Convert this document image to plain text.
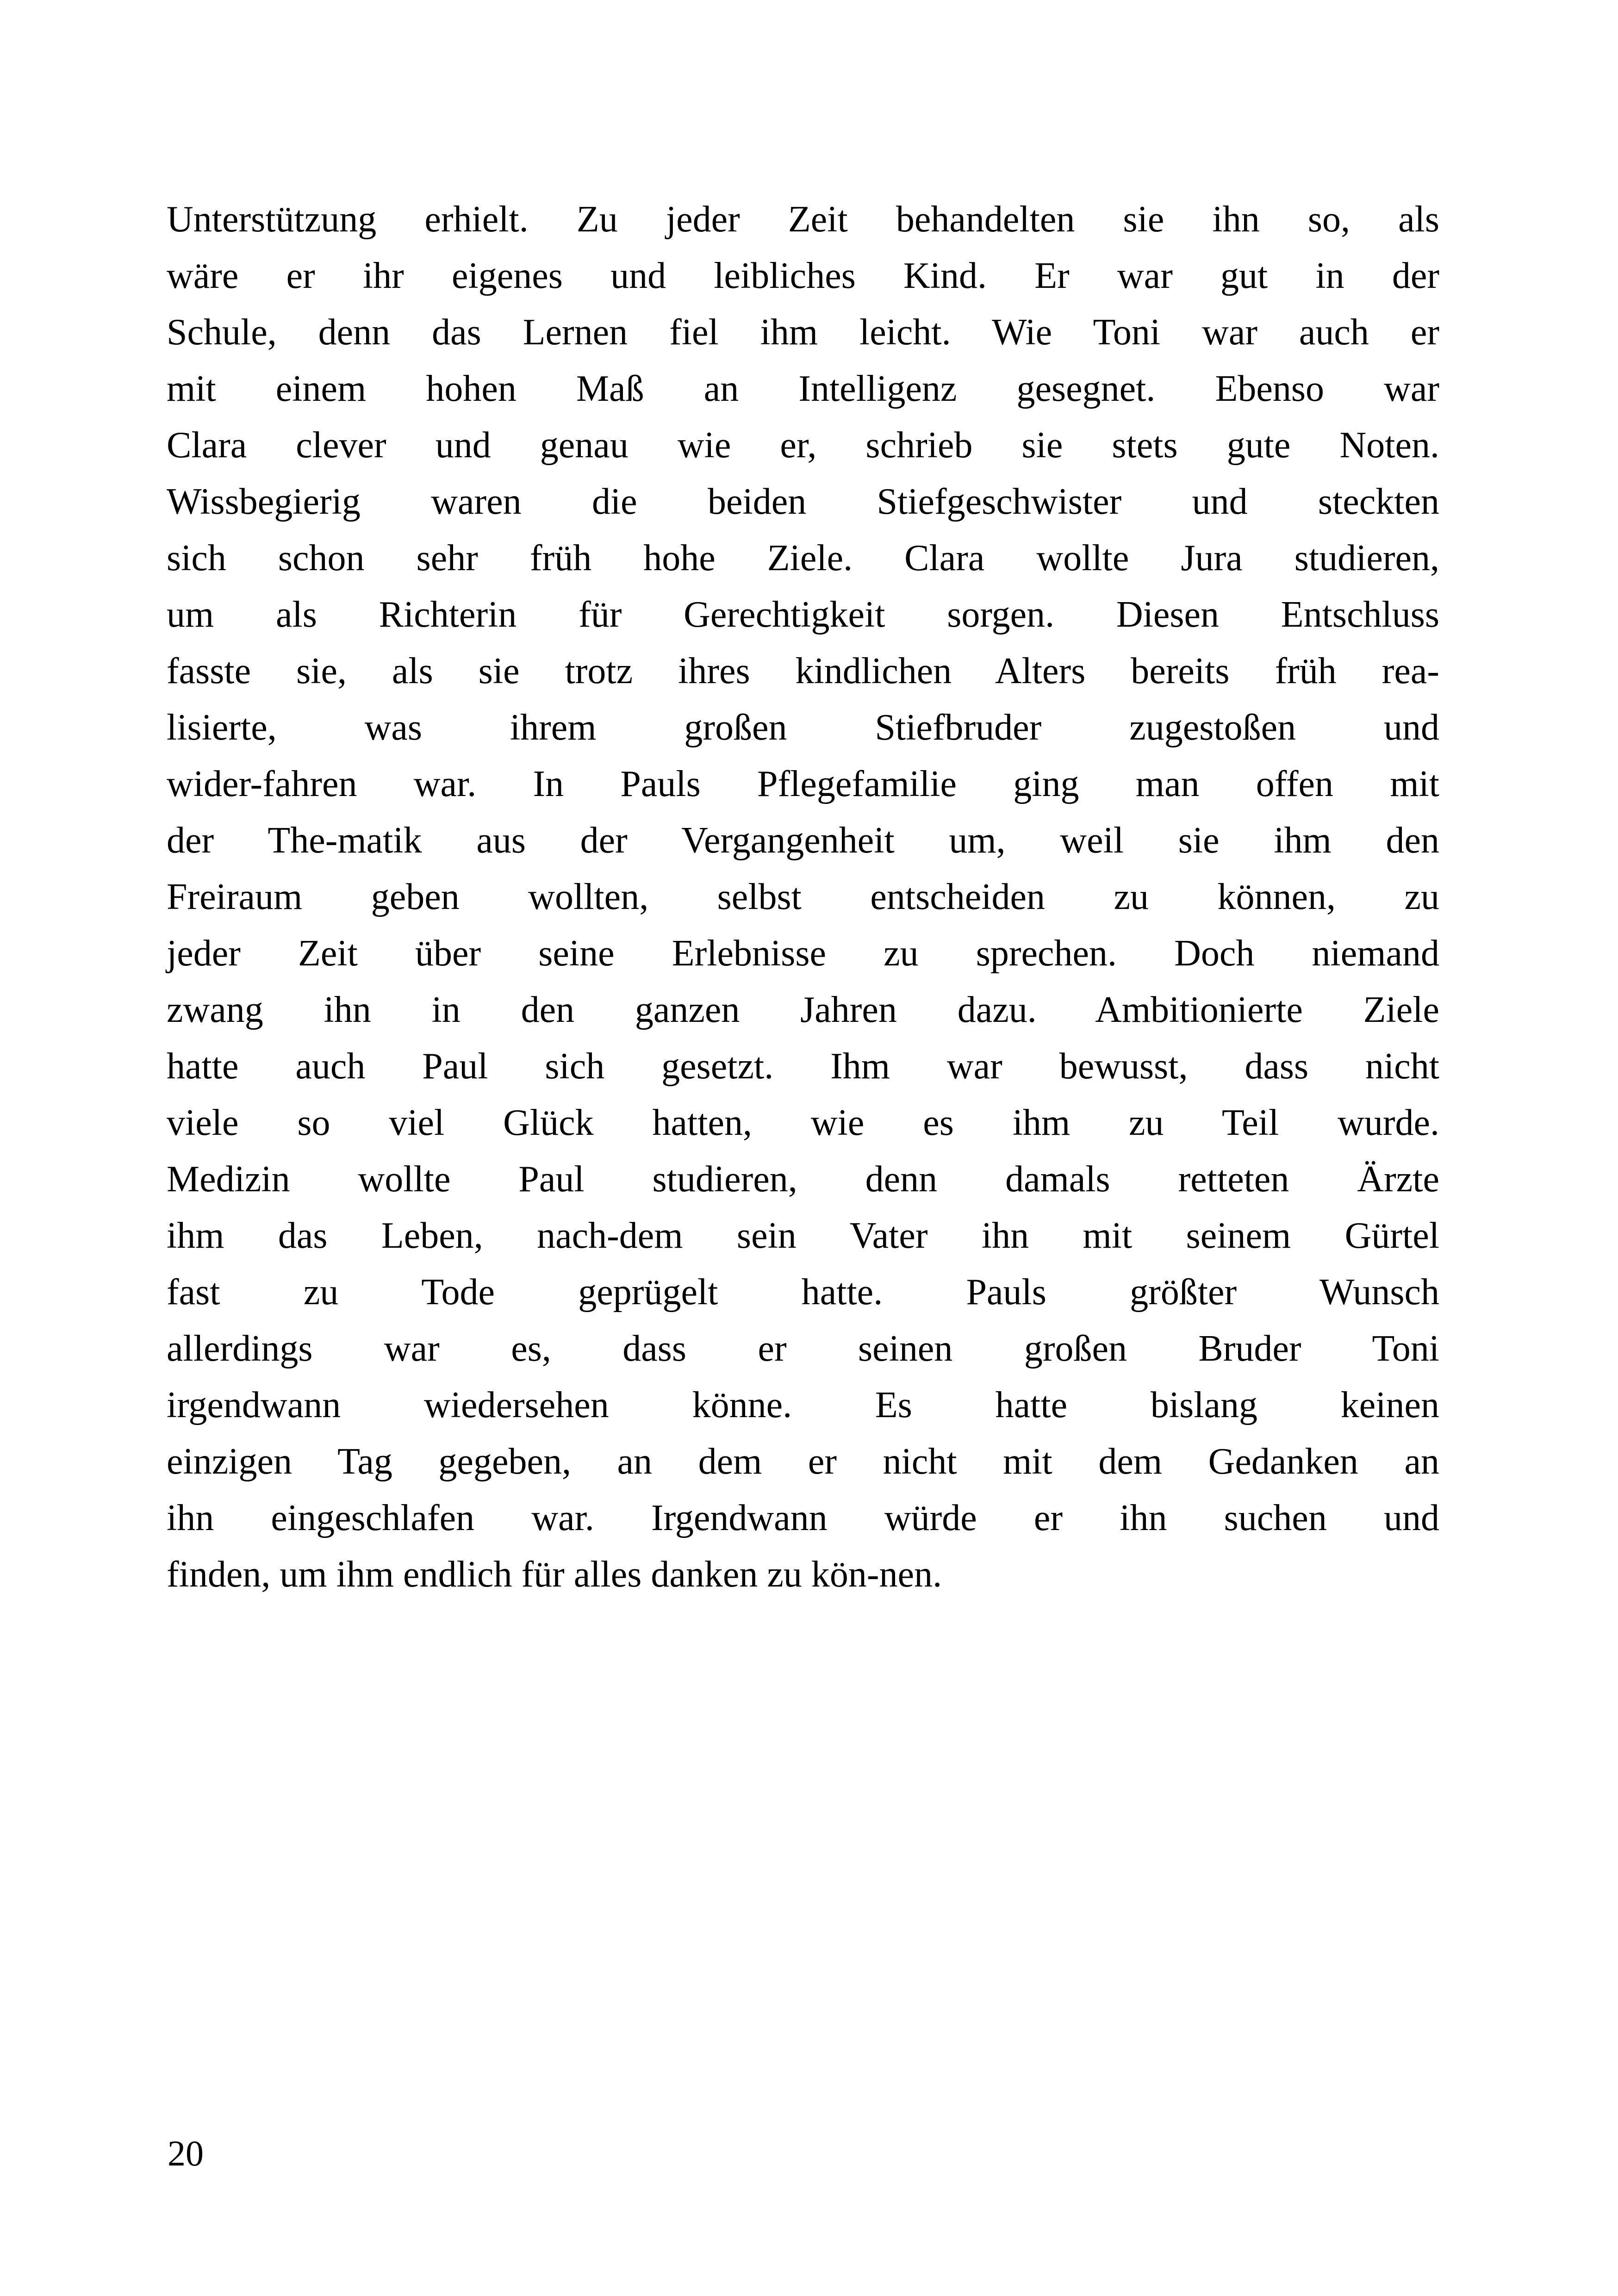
Unterstützung erhielt. Zu jeder Zeit behandelten sie ihn so, als
wäre er ihr eigenes und leibliches Kind. Er war gut in der
Schule, denn das Lernen fiel ihm leicht. Wie Toni war auch er
mit einem hohen Maß an Intelligenz gesegnet. Ebenso war
Clara clever und genau wie er, schrieb sie stets gute Noten.
Wissbegierig waren die beiden Stiefgeschwister und steckten
sich schon sehr früh hohe Ziele. Clara wollte Jura studieren,
um als Richterin für Gerechtigkeit sorgen. Diesen Entschluss
fasste sie, als sie trotz ihres kindlichen Alters bereits früh rea-
lisierte, was ihrem großen Stiefbruder zugestoßen und
wider-fahren war. In Pauls Pflegefamilie ging man offen mit
der The-matik aus der Vergangenheit um, weil sie ihm den
Freiraum geben wollten, selbst entscheiden zu können, zu
jeder Zeit über seine Erlebnisse zu sprechen. Doch niemand
zwang ihn in den ganzen Jahren dazu. Ambitionierte Ziele
hatte auch Paul sich gesetzt. Ihm war bewusst, dass nicht
viele so viel Glück hatten, wie es ihm zu Teil wurde.
Medizin wollte Paul studieren, denn damals retteten Ärzte
ihm das Leben, nach-dem sein Vater ihn mit seinem Gürtel
fast zu Tode geprügelt hatte. Pauls größter Wunsch
allerdings war es, dass er seinen großen Bruder Toni
irgendwann wiedersehen könne. Es hatte bislang keinen
einzigen Tag gegeben, an dem er nicht mit dem Gedanken an
ihn eingeschlafen war. Irgendwann würde er ihn suchen und
finden, um ihm endlich für alles danken zu kön-nen.
20
